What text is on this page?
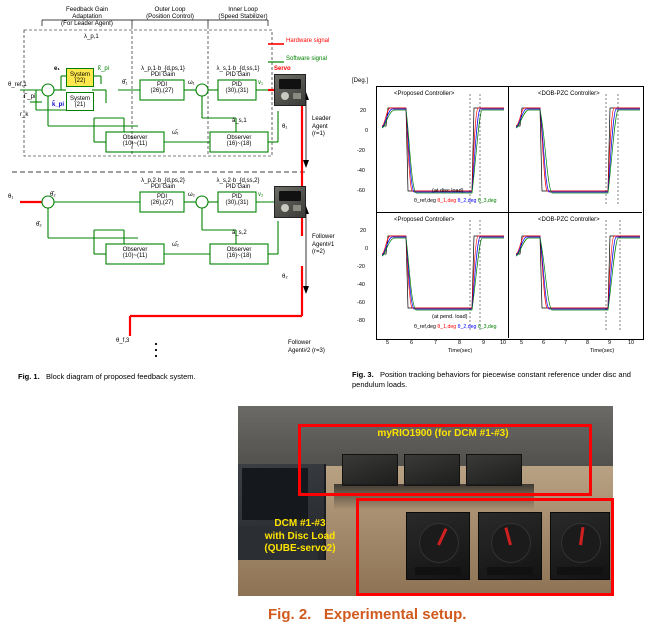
Feedback Gain
Adaptation
(For Leader Agent)
Outer Loop
(Position Control)
Inner Loop
(Speed Stabilizer)
Hardware signal
Software signal
System
(22)
System
(21)
PDI
(26),(27)
PID
(30),(31)
Observer
(10)~(11)
Observer
(16)~(18)
PDI
(26),(27)
PID
(30),(31)
Observer
(10)~(11)
Observer
(16)~(18)
λ_p,1
θ_ref,1
e₁	k̂_pi
k̂_pi
Γ_pi
r_k
θ̂₁	ω₁	v₁
θ₁
ω̂₁
â_s,1
λ_p,1·b_{d,ps,1} PDI Gain
λ_s,1·b_{d,ss,1} PID Gain
θ₁
λ_p,2·b_{d,ps,2} PDI Gain
λ_s,2·b_{d,ss,2} PID Gain
θ̂₂
θ̂₂
ω₂	v₂
ω̂₂
â_s,2
θ₂
θ_f,3
Servo
Leader
Agent
(r=1)
Follower
Agent#1
(r=2)
Follower
Agent#2 (r=3)
Fig. 1. Block diagram of proposed feedback system.
[Deg.]
<Proposed Controller>	<DOB-PZC Controller>
<Proposed Controller>	<DOB-PZC Controller>
20
0
-20
-40
-60
20
0
-20
-40
-60
-80
5	6	7	8	9	10	5	6	7	8	9	10
Time(sec)	Time(sec)
(at disc load)
(at pend. load)
θ_ref,deg θ_1,deg θ_2,deg θ_3,deg
θ_ref,deg θ_1,deg θ_2,deg θ_3,deg
Fig. 3. Position tracking behaviors for piecewise constant reference under disc and pendulum loads.
myRIO1900 (for DCM #1-#3)
DCM #1-#3
with Disc Load
(QUBE-servo2)
Fig. 2. Experimental setup.
